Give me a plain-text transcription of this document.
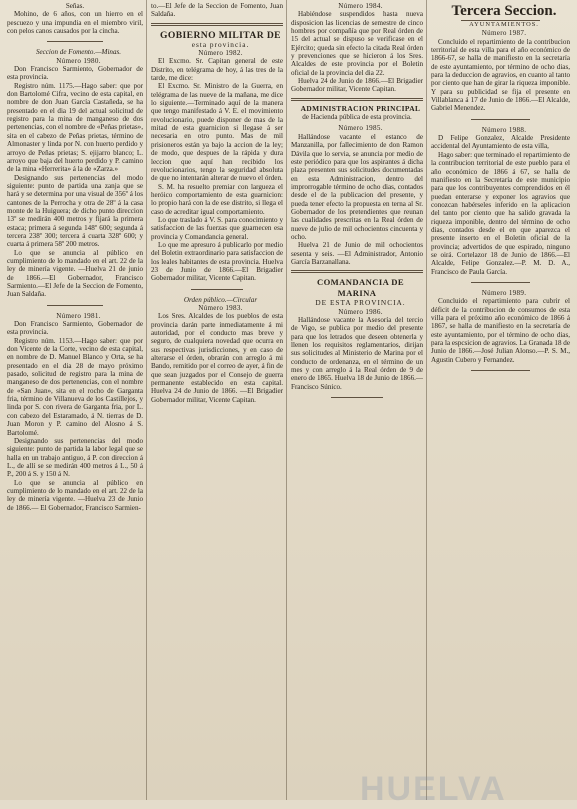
Señas.

Mohino, de 6 años, con un hierro en el pescuezo y una impundia en el miembro viril, con pelos canos causados por la cincha.

Seccion de Fomento.—Minas.

Número 1980.

Don Francisco Sarmiento, Gobernador de esta provincia.

Registro núm. 1175.—Hago saber: que por don Bartolomé Cifra, vecino de esta capital, en nombre de don Juan García Castañeda, se ha presentado en el dia 19 del actual solicitud de registro para la mina de manganeso de dos pertenencias, con el nombre de «Peñas prietas», sita en el cabezo de Peñas prietas, término de Almonaster y linda por N. con huerto perdido y arroyo de Peñas prietas; S. ejijarro blanco; L. arroyo que baja del huerto perdido y P. camino de la mina «Herrerita» á la de «Zarza.»

Designando sus pertenencias del modo siguiente: punto de partida una zanja que se hará y se determina por una visual de 356º á los cantones de la Perrocha y otra de 28º á la casa monte de la Huiguera; de dicho punto direccion 13º se medirán 400 metros y fijará la primera estaca; primera á segunda 148º 600; segunda á tercera 238º 300; tercera á cuarta 328º 600; y cuarta á primera 58º 200 metros.

Lo que se anuncia al público en cumplimiento de lo mandado en el art. 22 de la ley de minería vigente. —Huelva 21 de junio de 1866.—El Gobernador, Francisco Sarmiento.—El Jefe de la Seccion de Fomento, Juan Saldaña.

Número 1981.

Don Francisco Sarmiento, Gobernador de esta provincia.

Registro núm. 1153.—Hago saber: que por don Vicente de la Corte, vecino de esta capital, en nombre de D. Manuel Blanco y Orta, se ha presentado en el dia 28 de mayo próximo pasado, solicitud de registro para la mina de manganeso de dos pertenencias, con el nombre de «San Juan», sita en el rocho de Garganta fria, término de Villanueva de los Castillejos, y linda por S. con rivera de Garganta fria, por L. con cabezo del Estaramado, á N. tierras de D. Juan Moron y P. camino del Alosno á S. Bartolomé.

Designando sus pertenencias del modo siguiente: punto de partida la labor legal que se halla en un trabajo antiguo, á P. con direccion á L., de allí se se medirán 400 metros á L., 50 á P., 200 á S. y 150 á N.

Lo que se anuncia al público en cumplimiento de lo mandado en el art. 22 de la ley de minería vigente. —Huelva 23 de Junio de 1866.— El Gobernador, Francisco Sarmien-

to.—El Jefe de la Seccion de Fomento, Juan Saldaña.

GOBIERNO MILITAR DE

esta provincia.

Número 1982.

El Excmo. Sr. Capitan general de este Distrito, en telégrama de hoy, á las tres de la tarde, me dice:

El Excmo. Sr. Ministro de la Guerra, en telégrama de las nueve de la mañana, me dice lo siguiente.—Terminado aquí de la manera que tengo manifestado á V. E. el movimiento revolucionario, puede disponer de mas de la mitad de esta guarnicion si llegase á ser necesaria en otro punto. Mas de mil prisioneros están ya bajo la accion de la ley; de modo, que despues de la rápida y dura leccion que aquí han recibido los revolucionarios, tengo la seguridad absoluta de que no intentarán alterar de nuevo el órden.

S. M. ha resuelto premiar con largueza el heróico comportamiento de esta guarnicion: lo propio hará con la de ese distrito, si llega el caso de acreditar igual comportamiento.

Lo que traslado á V. S. para conocimiento y satisfaccion de las fuerzas que guarnecen esa provincia y Comandancia general.

Lo que me apresuro á publicarlo por medio del Boletin extraordinario para satisfaccion de los leales habitantes de esta provincia. Huelva 23 de Junio de 1866.—El Brigadier Gobernador militar, Vicente Capitan.

Orden público.—Circular

Número 1983.

Los Sres. Alcaldes de los pueblos de esta provincia darán parte inmediatamente á mi autoridad, por el conducto mas breve y seguro, de cualquiera novedad que ocurra en sus respectivas jurisdicciones, y en caso de alterarse el órden, obrarán con arreglo á mi Bando, remitido por el correo de ayer, á fin de que sean juzgados por el Consejo de guerra permanente establecido en esta capital. Huelva 24 de Junio de 1866. —El Brigadier Gobernador militar, Vicente Capitan.

Número 1984.

Habiéndose suspendidos hasta nueva disposicion las licencias de semestre de cinco hombres por compañía que por Real órden de 15 del actual se dispuso se verificase en el Ejército; queda sin efecto la citada Real órden y prevenciones que se hicieron á los Sres. Alcaldes de este provincia por el Boletin oficial de la provincia del dia 22.

Huelva 24 de Junio de 1866.—El Brigadier Gobernador militar, Vicente Capitan.

ADMINISTRACION PRINCIPAL

de Hacienda pública de esta provincia.

Número 1985.

Hallándose vacante el estanco de Manzanilla, por fallecimiento de don Ramon Dávila que lo servia, se anuncia por medio de este periódico para que los aspirantes á dicha plaza presenten sus solicitudes documentadas en esta Administracion, dentro del improrrogable término de ocho dias, contados desde el de la publicacion del presente, y pueda tener efecto la propuesta en terna al Sr. Gobernador de los pretendientes que reunan las cualidades prescritas en la Real órden de nueve de julio de mil ochocientos cincuenta y ocho.

Huelva 21 de Junio de mil ochocientos sesenta y seis. —El Administrador, Antonio García Barzanallana.

COMANDANCIA DE MARINA

DE ESTA PROVINCIA.

Número 1986.

Hallándose vacante la Asesoría del tercio de Vigo, se publica por medio del presente para que los letrados que deseen obtenerla y llenen los requisitos reglamentarios, dirijan sus solicitudes al Ministerio de Marina por el conducto de ordenanza, en el término de un mes y con arreglo á la Real órden de 9 de enero de 1865. Huelva 18 de Junio de 1866.— Francisco Súnico.

Tercera Seccion.

AYUNTAMIENTOS.

Número 1987.

Concluido el repartimiento de la contribucion territorial de esta villa para el año económico de 1866-67, se halla de manifiesto en la secretaría de este ayuntamiento, por término de ocho dias, para la deduccion de agravios, en cuanto al tanto por ciento que han de girar la riqueza imponible. Y para su publicidad se fija el presente en Villablanca á 17 de Junio de 1866.—El Alcalde, Gabriel Menendez.

Número 1988.

D Felipe Gonzalez, Alcalde Presidente accidental del Ayuntamiento de esta villa,

Hago saber: que terminado el repartimiento de la contribucion territorial de este pueblo para el año económico de 1866 á 67, se halla de manifiesto en la Secretaría de este municipio para que los contribuyentes comprendidos en él puedan enterarse y exponer los agravios que conozcan habérseles inferido en la aplicacion del tanto por ciento que ha salido gravada la riqueza imponible, dentro del término de ocho dias, contados desde el en que aparezca el presente inserto en el Boletin oficial de la provincia; advertidos de que espirado, ninguno se oirá. Cortelazor 18 de Junio de 1866.—El Alcalde, Felipe Gonzalez.—P. M. D. A., Francisco de Paula García.

Número 1989.

Concluido el repartimiento para cubrir el déficit de la contribucion de consumos de esta villa para el próximo año económico de 1866 á 1867, se halla de manifiesto en la secretaría de este ayuntamiento, por el término de ocho dias, para la espcsicion de agravios. La Granada 18 de Junio de 1866.—José Julian Alonso.—P. S. M., Agustin Cubero y Fernandez.

HUELVA
